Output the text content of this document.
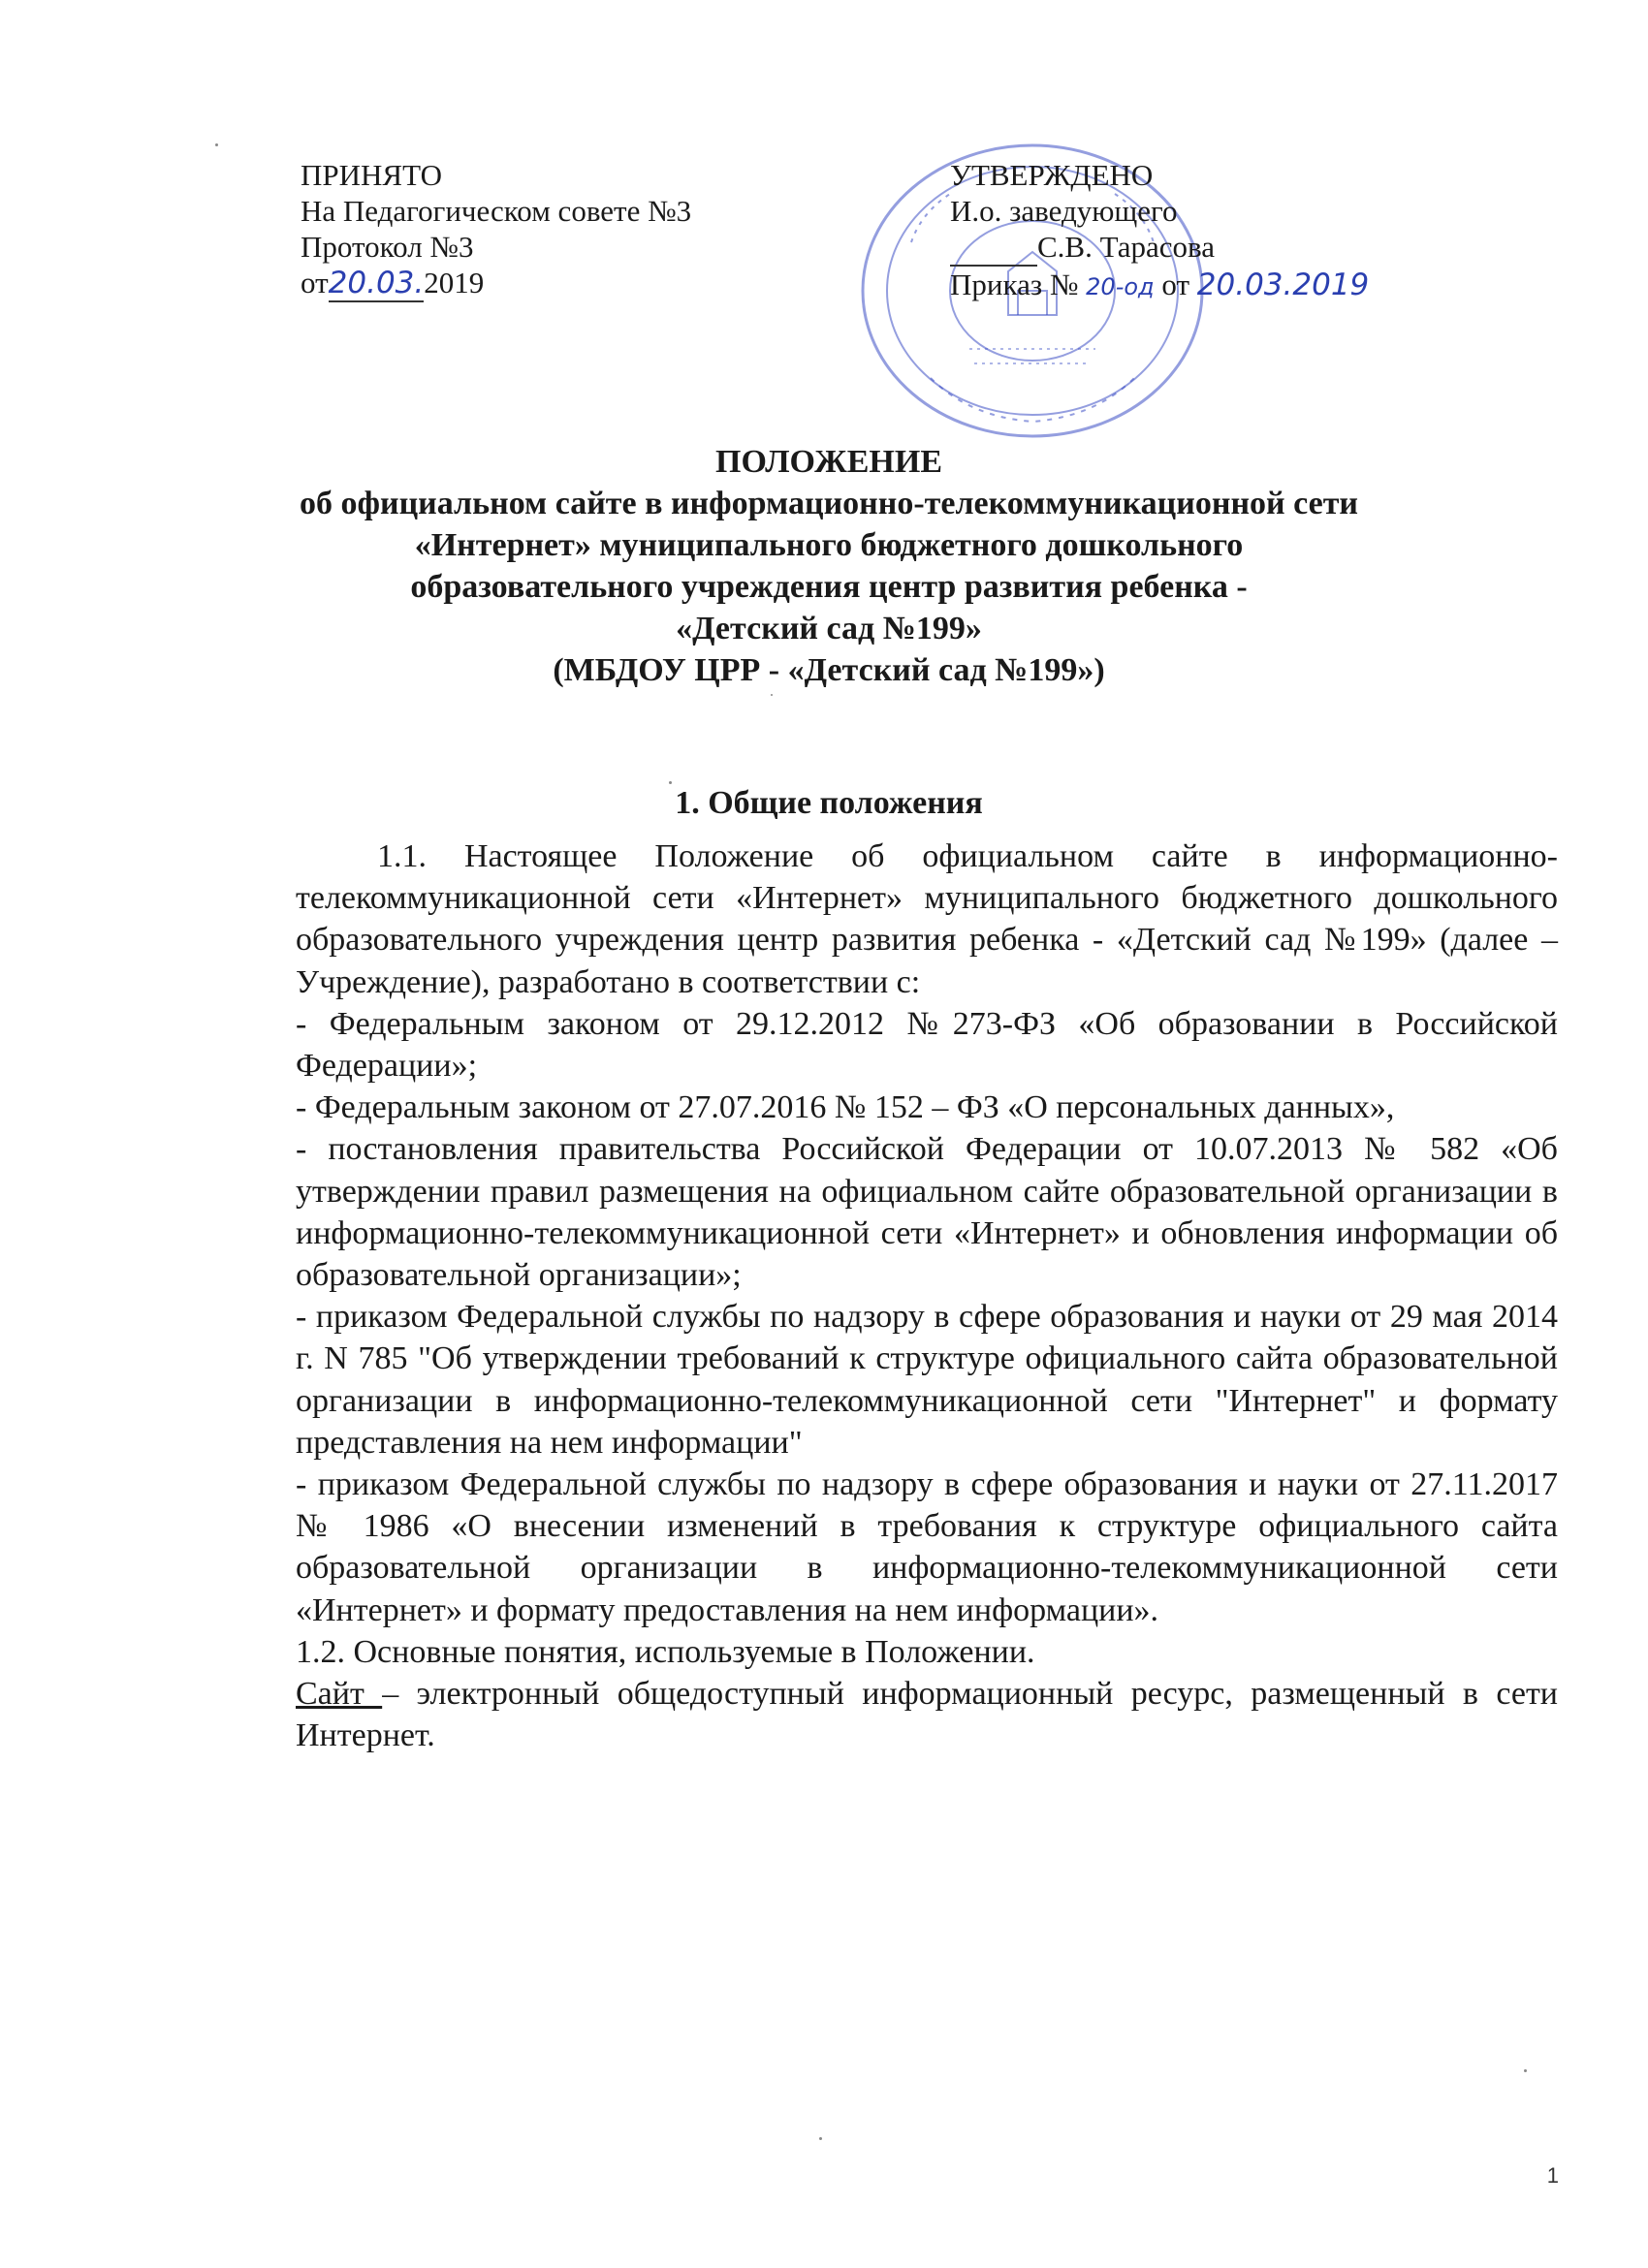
ПРИНЯТО
На Педагогическом совете №3
Протокол №3
от20.03.2019
УТВЕРЖДЕНО
И.о. заведующего
С.В. Тарасова
Приказ № 20-од от 20.03.2019
ПОЛОЖЕНИЕ
об официальном сайте в информационно-телекоммуникационной сети
«Интернет» муниципального бюджетного дошкольного
образовательного учреждения центр развития ребенка -
«Детский сад №199»
(МБДОУ ЦРР - «Детский сад №199»)
1. Общие положения

1.1. Настоящее Положение об официальном сайте в информационно-телекоммуникационной сети «Интернет» муниципального бюджетного дошкольного образовательного учреждения центр развития ребенка - «Детский сад №199» (далее – Учреждение), разработано в соответствии с:

- Федеральным законом от 29.12.2012 №273-ФЗ «Об образовании в Российской Федерации»;

- Федеральным законом от 27.07.2016 № 152 – ФЗ «О персональных данных»,

- постановления правительства Российской Федерации от 10.07.2013 № 582 «Об утверждении правил размещения на официальном сайте образовательной организации в информационно-телекоммуникационной сети «Интернет» и обновления информации об образовательной организации»;

- приказом Федеральной службы по надзору в сфере образования и науки от 29 мая 2014 г. N 785 "Об утверждении требований к структуре официального сайта образовательной организации в информационно-телекоммуникационной сети "Интернет" и формату представления на нем информации"

- приказом Федеральной службы по надзору в сфере образования и науки от 27.11.2017 № 1986 «О внесении изменений в требования к структуре официального сайта образовательной организации в информационно-телекоммуникационной сети «Интернет» и формату предоставления на нем информации».

1.2. Основные понятия, используемые в Положении.

Сайт – электронный общедоступный информационный ресурс, размещенный в сети Интернет.

1
